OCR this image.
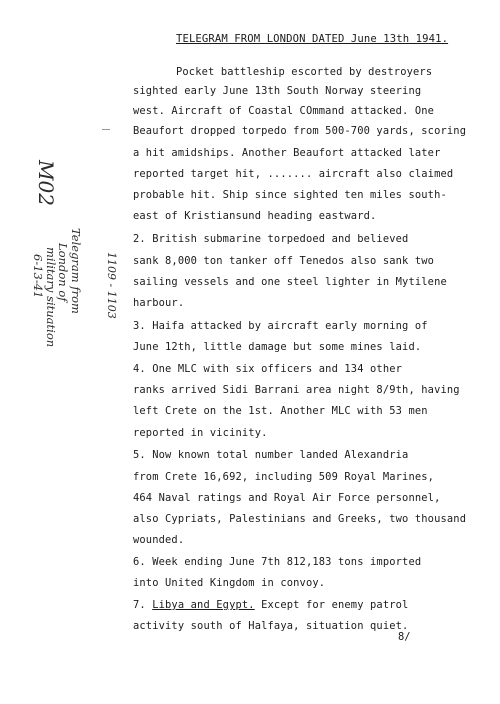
TELEGRAM FROM LONDON DATED June 13th 1941.
Pocket battleship escorted by destroyers
sighted early June 13th South Norway steering
west. Aircraft of Coastal COmmand attacked. One
Beaufort dropped torpedo from 500-700 yards, scoring
a hit amidships. Another Beaufort attacked later
reported target hit, ....... aircraft also claimed
probable hit. Ship since sighted ten miles south-
east of Kristiansund heading eastward.
2. British submarine torpedoed and believed
sank 8,000 ton tanker off Tenedos also sank two
sailing vessels and one steel lighter in Mytilene
harbour.
3. Haifa attacked by aircraft early morning of
June 12th, little damage but some mines laid.
4. One MLC with six officers and 134 other
ranks arrived Sidi Barrani area night 8/9th, having
left Crete on the 1st. Another MLC with 53 men
reported in vicinity.
5. Now known total number landed Alexandria
from Crete 16,692, including 509 Royal Marines,
464 Naval ratings and Royal Air Force personnel,
also Cypriats, Palestinians and Greeks, two thousand
wounded.
6. Week ending June 7th 812,183 tons imported
into United Kingdom in convoy.
7. Libya and Egypt. Except for enemy patrol
activity south of Halfaya, situation quiet.
8/
M02
Telegram from
London of
military situation
6-13-41	1109 - 1103
